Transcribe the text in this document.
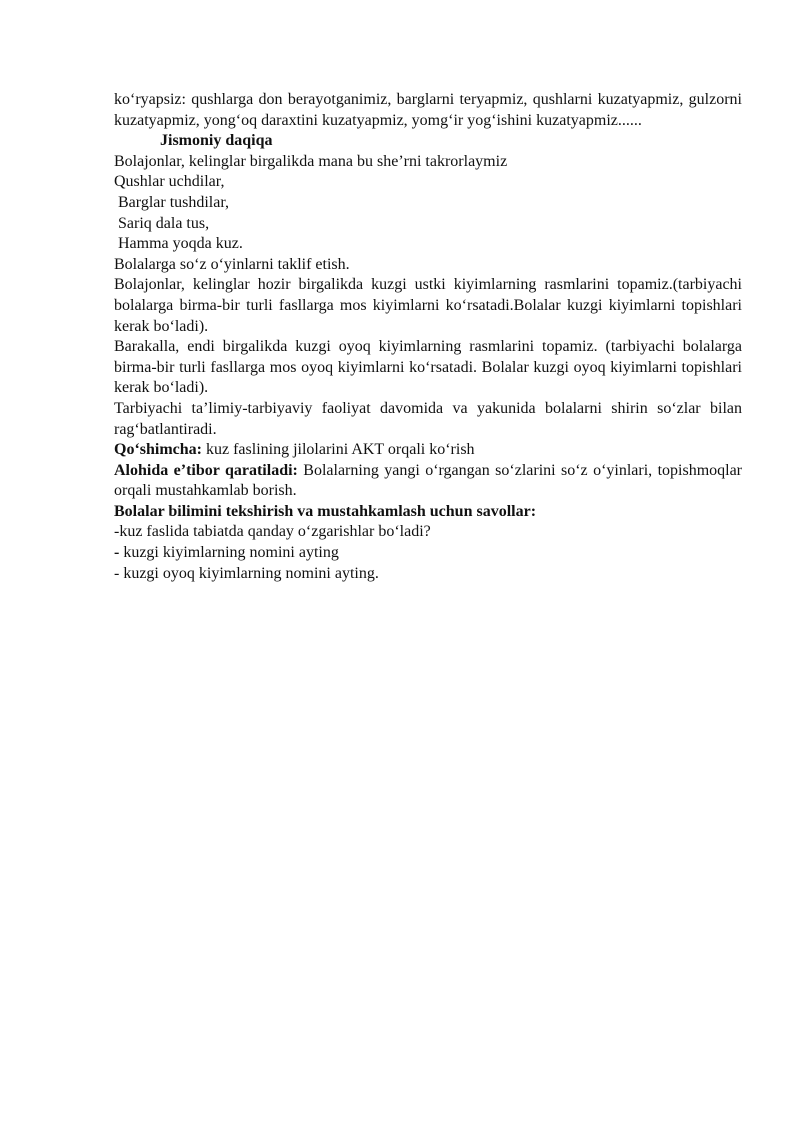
ko‘ryapsiz: qushlarga don berayotganimiz, barglarni teryapmiz, qushlarni kuzatyapmiz, gulzorni kuzatyapmiz, yong‘oq daraxtini kuzatyapmiz, yomg‘ir yog‘ishini kuzatyapmiz......

Jismoniy daqiqa

Bolajonlar, kelinglar birgalikda mana bu she’rni takrorlaymiz

Qushlar uchdilar,

Barglar tushdilar,

Sariq dala tus,

Hamma yoqda kuz.

Bolalarga so‘z o‘yinlarni taklif etish.

Bolajonlar, kelinglar hozir birgalikda kuzgi ustki kiyimlarning rasmlarini topamiz.(tarbiyachi bolalarga birma-bir turli fasllarga mos kiyimlarni ko‘rsatadi.Bolalar kuzgi kiyimlarni topishlari kerak bo‘ladi).

Barakalla, endi birgalikda kuzgi oyoq kiyimlarning rasmlarini topamiz. (tarbiyachi bolalarga birma-bir turli fasllarga mos oyoq kiyimlarni ko‘rsatadi. Bolalar kuzgi oyoq kiyimlarni topishlari kerak bo‘ladi).

Tarbiyachi ta’limiy-tarbiyaviy faoliyat davomida va yakunida bolalarni shirin so‘zlar bilan rag‘batlantiradi.

Qo‘shimcha: kuz faslining jilolarini AKT orqali ko‘rish

Alohida e’tibor qaratiladi: Bolalarning yangi o‘rgangan so‘zlarini so‘z o‘yinlari, topishmoqlar orqali mustahkamlab borish.

Bolalar bilimini tekshirish va mustahkamlash uchun savollar:

-kuz faslida tabiatda qanday o‘zgarishlar bo‘ladi?

- kuzgi kiyimlarning nomini ayting

- kuzgi oyoq kiyimlarning nomini ayting.
